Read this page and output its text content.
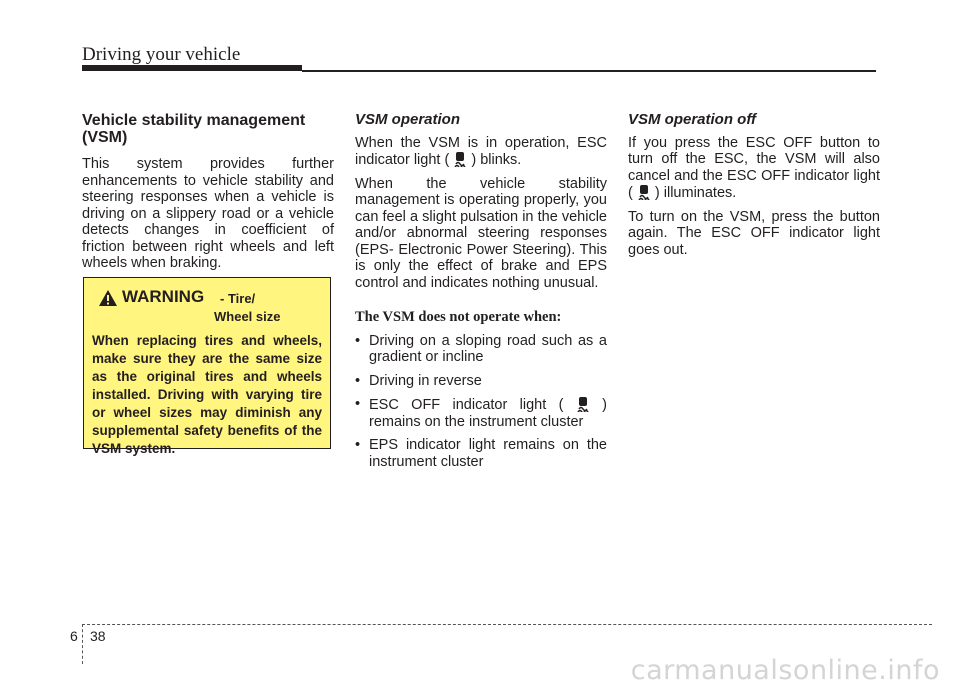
Driving your vehicle
Vehicle stability management (VSM)

This system provides further enhancements to vehicle stability and steering responses when a vehicle is driving on a slippery road or a vehicle detects changes in coefficient of friction between right wheels and left wheels when braking.

WARNING - Tire/
Wheel size
When replacing tires and wheels, make sure they are the same size as the original tires and wheels installed. Driving with varying tire or wheel sizes may diminish any supplemental safety benefits of the VSM system.
VSM operation

When the VSM is in operation, ESC indicator light ( ) blinks.

When the vehicle stability management is operating properly, you can feel a slight pulsation in the vehicle and/or abnormal steering responses (EPS- Electronic Power Steering). This is only the effect of brake and EPS control and indicates nothing unusual.

The VSM does not operate when:
• Driving on a sloping road such as a gradient or incline
• Driving in reverse
• ESC OFF indicator light (	) remains on the instrument cluster
• EPS indicator light remains on the instrument cluster
VSM operation off

If you press the ESC OFF button to turn off the ESC, the VSM will also cancel and the ESC OFF indicator light ( ) illuminates.

To turn on the VSM, press the button again. The ESC OFF indicator light goes out.

6 38
carmanualsonline.info
